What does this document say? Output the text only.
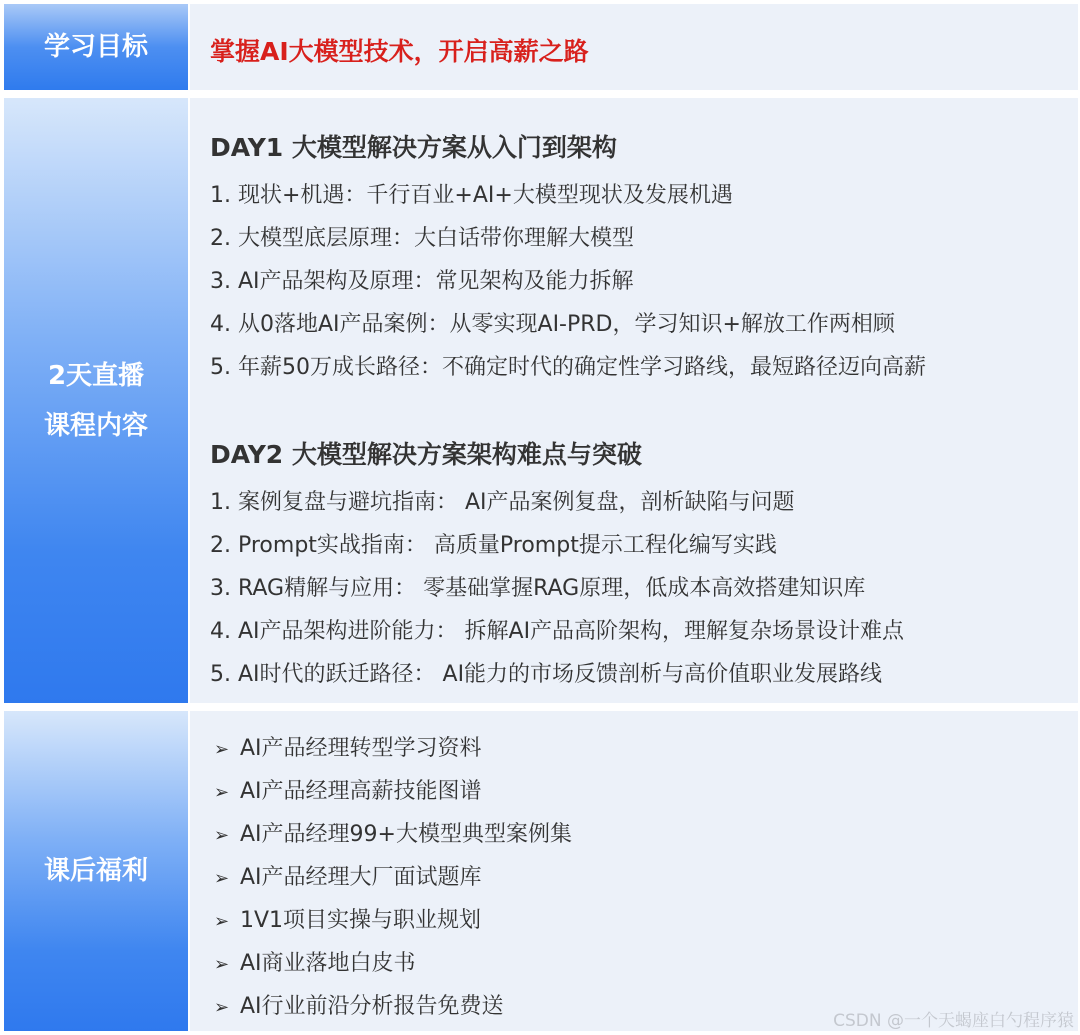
学习目标 掌握AI大模型技术，开启高薪之路
2天直播
课程内容
DAY1 大模型解决方案从入门到架构
1. 现状+机遇：千行百业+AI+大模型现状及发展机遇
2. 大模型底层原理：大白话带你理解大模型
3. AI产品架构及原理：常见架构及能力拆解
4. 从0落地AI产品案例：从零实现AI-PRD，学习知识+解放工作两相顾
5. 年薪50万成长路径：不确定时代的确定性学习路线，最短路径迈向高薪
DAY2 大模型解决方案架构难点与突破
1. 案例复盘与避坑指南： AI产品案例复盘，剖析缺陷与问题
2. Prompt实战指南： 高质量Prompt提示工程化编写实践
3. RAG精解与应用： 零基础掌握RAG原理，低成本高效搭建知识库
4. AI产品架构进阶能力： 拆解AI产品高阶架构，理解复杂场景设计难点
5. AI时代的跃迁路径： AI能力的市场反馈剖析与高价值职业发展路线
课后福利
➢ AI产品经理转型学习资料
➢ AI产品经理高薪技能图谱
➢ AI产品经理99+大模型典型案例集
➢ AI产品经理大厂面试题库
➢ 1V1项目实操与职业规划
➢ AI商业落地白皮书
➢ AI行业前沿分析报告免费送
CSDN @一个天蝎座白勺程序猿
